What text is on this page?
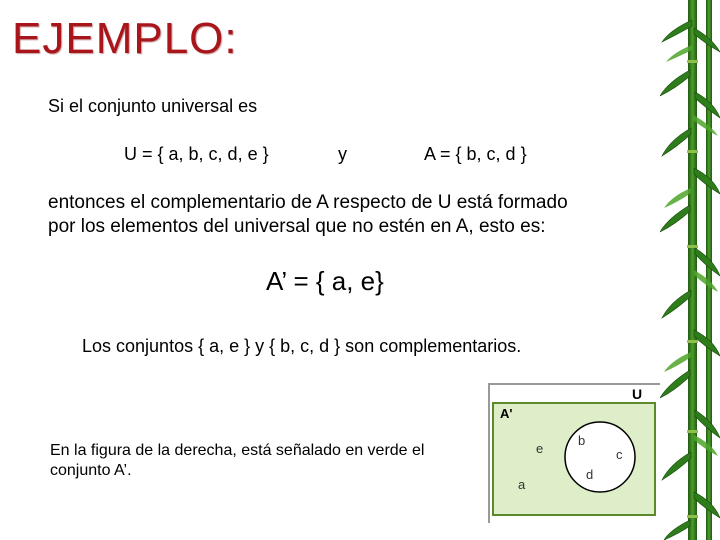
EJEMPLO:
Si el conjunto universal es
U = { a, b, c, d, e }	y	A = { b, c, d }
entonces el complementario de A respecto de U está formado
por los elementos del universal que no estén en A, esto es:
A’ = { a, e}
Los conjuntos { a, e } y { b, c, d } son complementarios.
En la figura de la derecha, está señalado en verde el
conjunto A’.
U
A'
e
a
b
c
d
